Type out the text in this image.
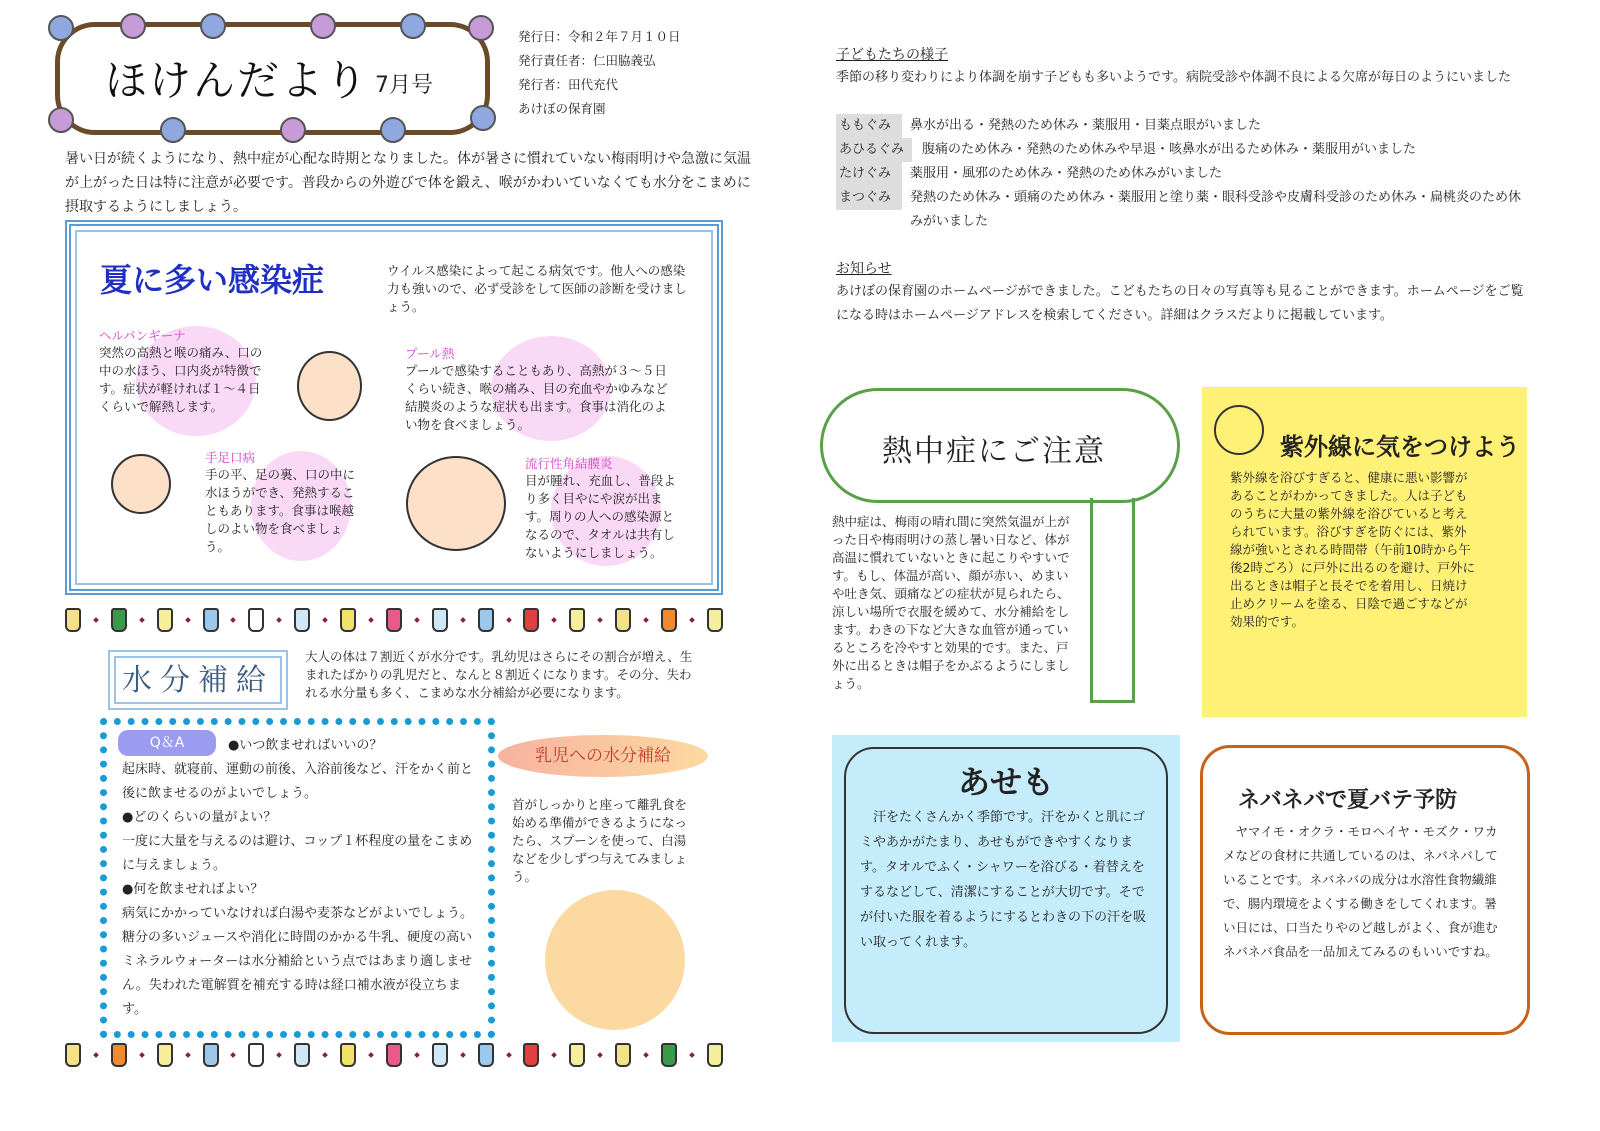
ほけんだより 7月号
発行日：令和２年７月１０日
発行責任者：仁田脇義弘
発行者：田代充代
あけぼの保育園
暑い日が続くようになり、熱中症が心配な時期となりました。体が暑さに慣れていない梅雨明けや急激に気温が上がった日は特に注意が必要です。普段からの外遊びで体を鍛え、喉がかわいていなくても水分をこまめに摂取するようにしましょう。
夏に多い感染症	ウイルス感染によって起こる病気です。他人への感染力も強いので、必ず受診をして医師の診断を受けましょう。
ヘルパンギーナ
突然の高熱と喉の痛み、口の中の水ほう、口内炎が特徴です。症状が軽ければ１～４日くらいで解熱します。
プール熱
プールで感染することもあり、高熱が３～５日くらい続き、喉の痛み、目の充血やかゆみなど結膜炎のような症状も出ます。食事は消化のよい物を食べましょう。
手足口病
手の平、足の裏、口の中に水ほうができ、発熱することもあります。食事は喉越しのよい物を食べましょう。
流行性角結膜炎
目が腫れ、充血し、普段より多く目やにや涙が出ます。周りの人への感染源となるので、タオルは共有しないようにしましょう。
水分補給
大人の体は７割近くが水分です。乳幼児はさらにその割合が増え、生まれたばかりの乳児だと、なんと８割近くになります。その分、失われる水分量も多く、こまめな水分補給が必要になります。
Q＆A	●いつ飲ませればいいの？
起床時、就寝前、運動の前後、入浴前後など、汗をかく前と後に飲ませるのがよいでしょう。
●どのくらいの量がよい？
一度に大量を与えるのは避け、コップ１杯程度の量をこまめに与えましょう。
●何を飲ませればよい？
病気にかかっていなければ白湯や麦茶などがよいでしょう。糖分の多いジュースや消化に時間のかかる牛乳、硬度の高いミネラルウォーターは水分補給という点ではあまり適しません。失われた電解質を補充する時は経口補水液が役立ちます。
乳児への水分補給
首がしっかりと座って離乳食を始める準備ができるようになったら、スプーンを使って、白湯などを少しずつ与えてみましょう。
子どもたちの様子
季節の移り変わりにより体調を崩す子どもも多いようです。病院受診や体調不良による欠席が毎日のようにいました
ももぐみ	鼻水が出る・発熱のため休み・薬服用・目薬点眼がいました
あひるぐみ	腹痛のため休み・発熱のため休みや早退・咳鼻水が出るため休み・薬服用がいました
たけぐみ	薬服用・風邪のため休み・発熱のため休みがいました
まつぐみ	発熱のため休み・頭痛のため休み・薬服用と塗り薬・眼科受診や皮膚科受診のため休み・扁桃炎のため休みがいました
お知らせ
あけぼの保育園のホームページができました。こどもたちの日々の写真等も見ることができます。ホームページをご覧になる時はホームページアドレスを検索してください。詳細はクラスだよりに掲載しています。
熱中症にご注意
熱中症は、梅雨の晴れ間に突然気温が上がった日や梅雨明けの蒸し暑い日など、体が高温に慣れていないときに起こりやすいです。もし、体温が高い、顔が赤い、めまいや吐き気、頭痛などの症状が見られたら、涼しい場所で衣服を緩めて、水分補給をします。わきの下など大きな血管が通っているところを冷やすと効果的です。また、戸外に出るときは帽子をかぶるようにしましょう。
紫外線に気をつけよう
紫外線を浴びすぎると、健康に悪い影響があることがわかってきました。人は子どものうちに大量の紫外線を浴びていると考えられています。浴びすぎを防ぐには、紫外線が強いとされる時間帯（午前10時から午後2時ごろ）に戸外に出るのを避け、戸外に出るときは帽子と長そでを着用し、日焼け止めクリームを塗る、日陰で過ごすなどが効果的です。
あせも
汗をたくさんかく季節です。汗をかくと肌にゴミやあかがたまり、あせもができやすくなります。タオルでふく・シャワーを浴びる・着替えをするなどして、清潔にすることが大切です。そでが付いた服を着るようにするとわきの下の汗を吸い取ってくれます。
ネバネバで夏バテ予防
ヤマイモ・オクラ・モロヘイヤ・モズク・ワカメなどの食材に共通しているのは、ネバネバしていることです。ネバネバの成分は水溶性食物繊維で、腸内環境をよくする働きをしてくれます。暑い日には、口当たりやのど越しがよく、食が進むネバネバ食品を一品加えてみるのもいいですね。
